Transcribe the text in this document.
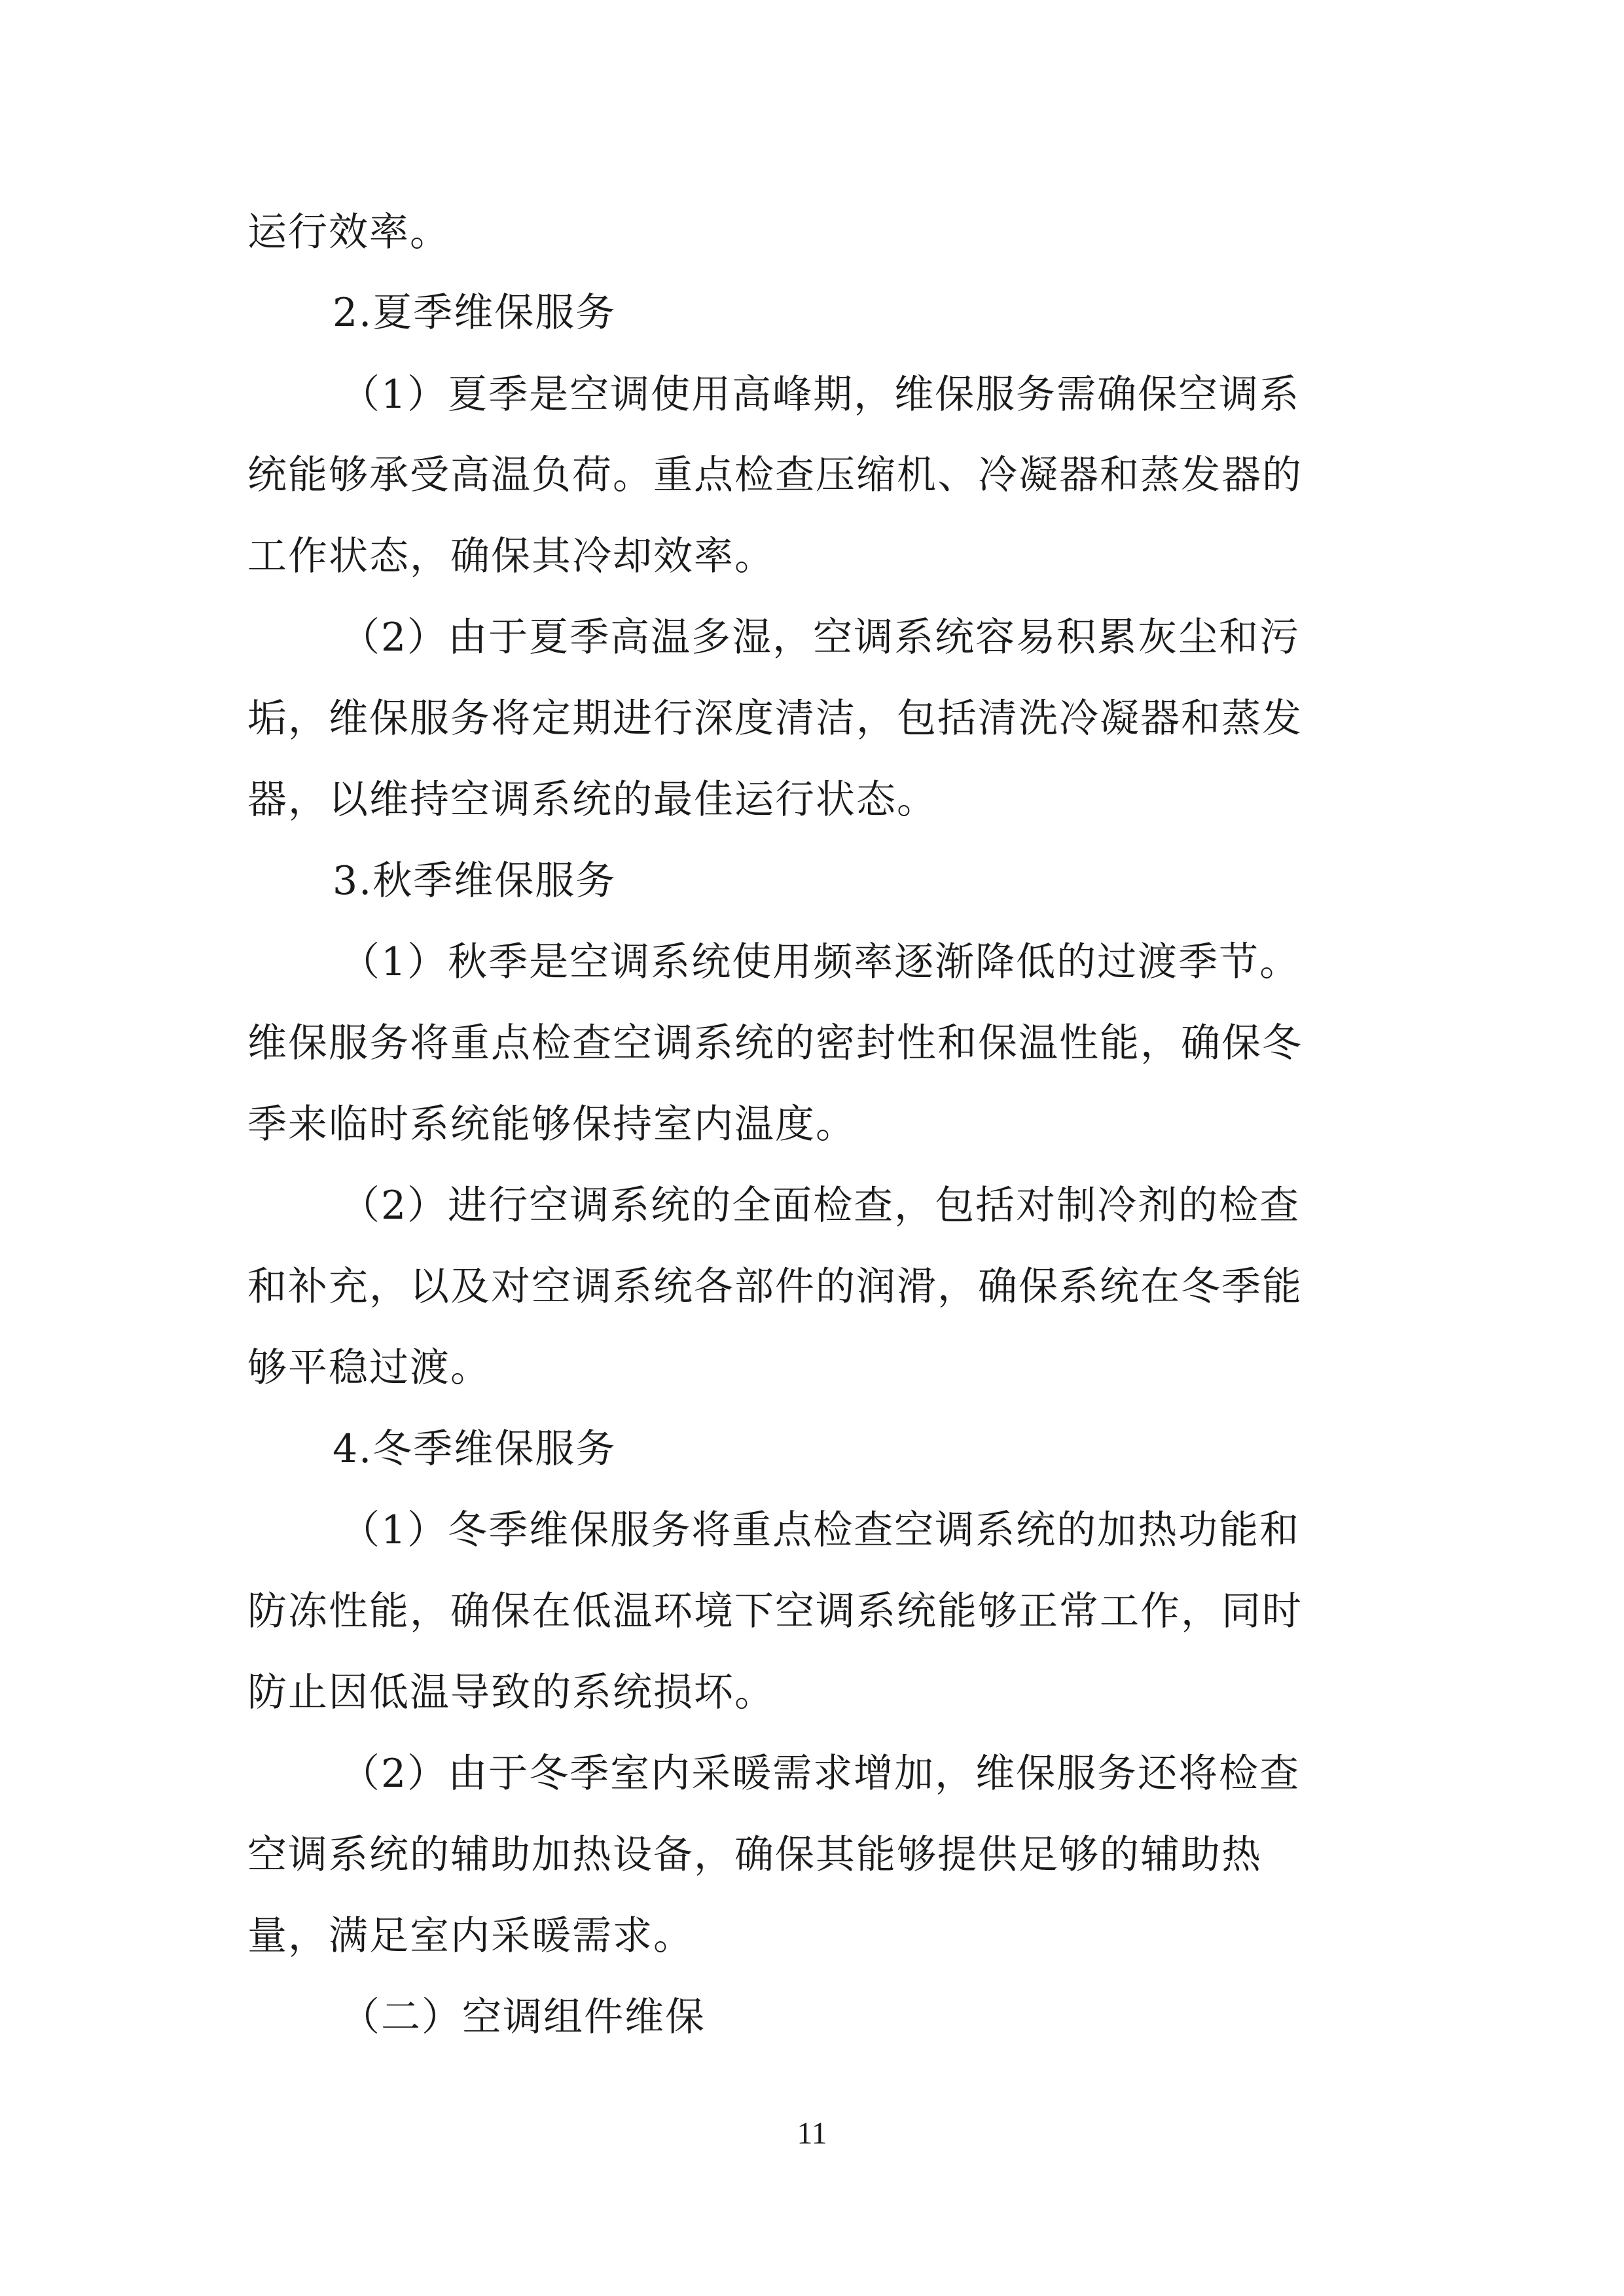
运行效率。
2.夏季维保服务
（1）夏季是空调使用高峰期，维保服务需确保空调系
统能够承受高温负荷。重点检查压缩机、冷凝器和蒸发器的
工作状态，确保其冷却效率。
（2）由于夏季高温多湿，空调系统容易积累灰尘和污
垢，维保服务将定期进行深度清洁，包括清洗冷凝器和蒸发
器，以维持空调系统的最佳运行状态。
3.秋季维保服务
（1）秋季是空调系统使用频率逐渐降低的过渡季节。
维保服务将重点检查空调系统的密封性和保温性能，确保冬
季来临时系统能够保持室内温度。
（2）进行空调系统的全面检查，包括对制冷剂的检查
和补充，以及对空调系统各部件的润滑，确保系统在冬季能
够平稳过渡。
4.冬季维保服务
（1）冬季维保服务将重点检查空调系统的加热功能和
防冻性能，确保在低温环境下空调系统能够正常工作，同时
防止因低温导致的系统损坏。
（2）由于冬季室内采暖需求增加，维保服务还将检查
空调系统的辅助加热设备，确保其能够提供足够的辅助热
量，满足室内采暖需求。
（二）空调组件维保
11
